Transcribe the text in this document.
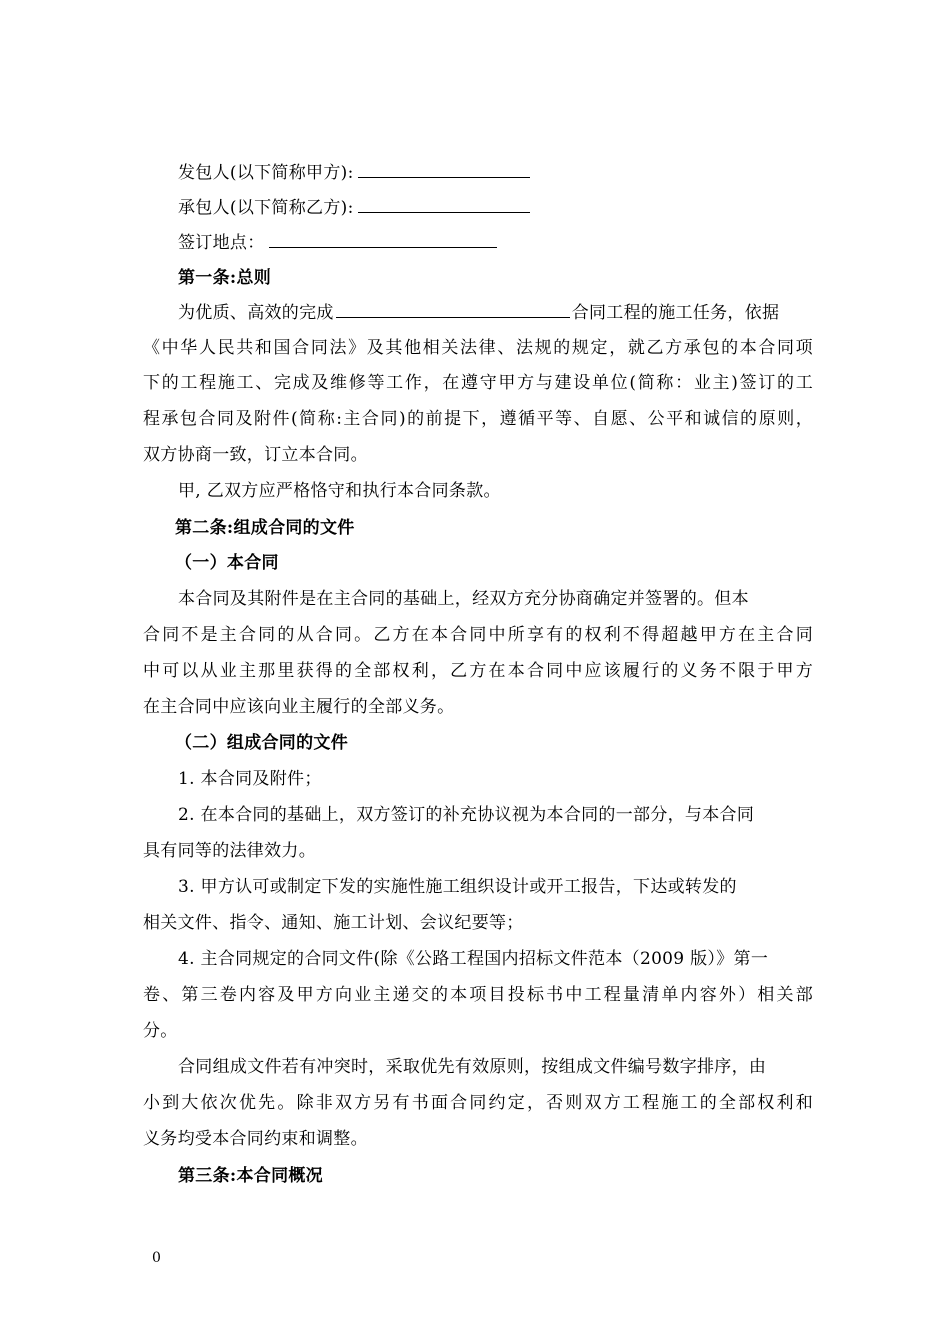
发包人(以下简称甲方):
承包人(以下简称乙方):
签订地点：
第一条:总则
为优质、高效的完成	合同工程的施工任务，依据
《中华人民共和国合同法》及其他相关法律、法规的规定，就乙方承包的本合同项
下的工程施工、完成及维修等工作，在遵守甲方与建设单位(简称：业主)签订的工
程承包合同及附件(简称:主合同)的前提下，遵循平等、自愿、公平和诚信的原则，
双方协商一致，订立本合同。
甲, 乙双方应严格恪守和执行本合同条款。
第二条:组成合同的文件
（一）本合同
本合同及其附件是在主合同的基础上，经双方充分协商确定并签署的。但本
合同不是主合同的从合同。乙方在本合同中所享有的权利不得超越甲方在主合同
中可以从业主那里获得的全部权利，乙方在本合同中应该履行的义务不限于甲方
在主合同中应该向业主履行的全部义务。
（二）组成合同的文件
1. 本合同及附件；
2. 在本合同的基础上，双方签订的补充协议视为本合同的一部分，与本合同
具有同等的法律效力。
3. 甲方认可或制定下发的实施性施工组织设计或开工报告，下达或转发的
相关文件、指令、通知、施工计划、会议纪要等；
4. 主合同规定的合同文件(除《公路工程国内招标文件范本（2009 版）》第一
卷、第三卷内容及甲方向业主递交的本项目投标书中工程量清单内容外）相关部
分。
合同组成文件若有冲突时，采取优先有效原则，按组成文件编号数字排序，由
小到大依次优先。除非双方另有书面合同约定，否则双方工程施工的全部权利和
义务均受本合同约束和调整。
第三条:本合同概况
0
